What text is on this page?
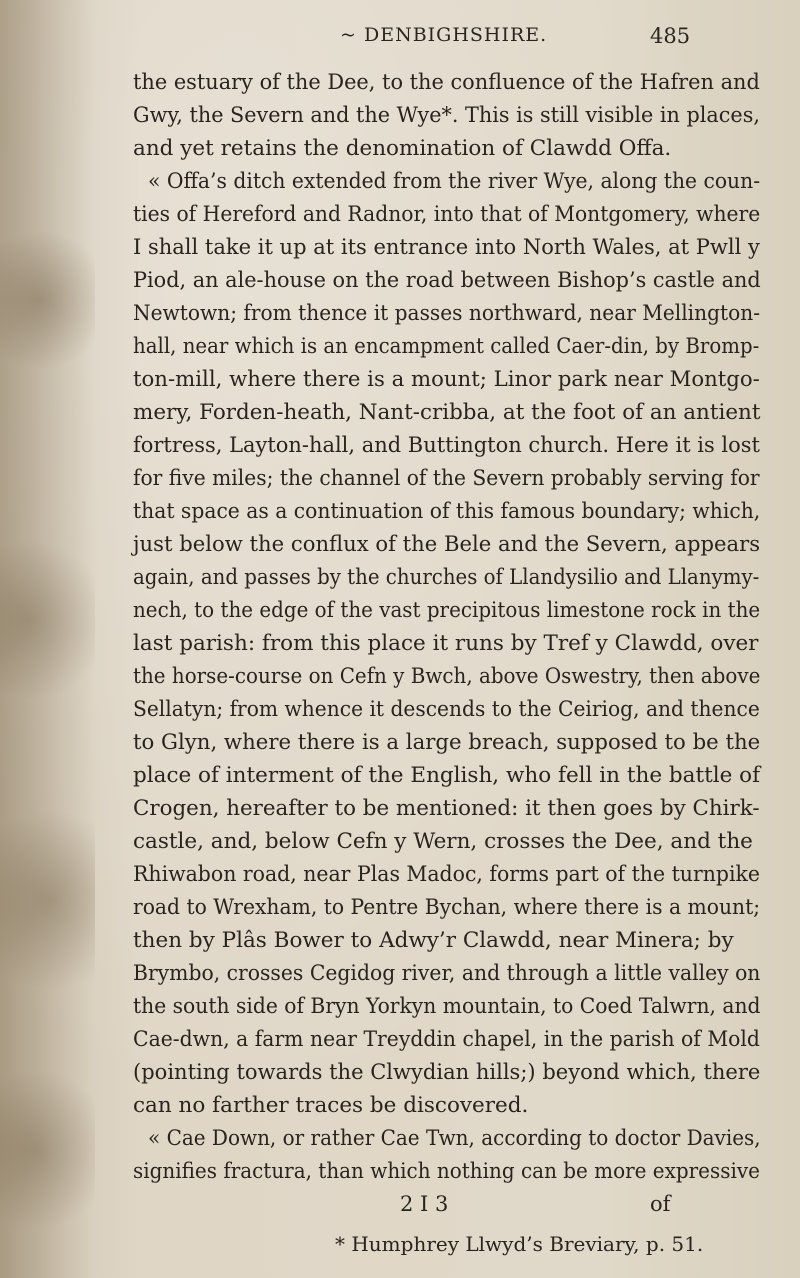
~ DENBIGHSHIRE.	485
the estuary of the Dee, to the confluence of the Hafren and
Gwy, the Severn and the Wye*. This is still visible in places,
and yet retains the denomination of Clawdd Offa.
« Offa’s ditch extended from the river Wye, along the coun-
ties of Hereford and Radnor, into that of Montgomery, where
I shall take it up at its entrance into North Wales, at Pwll y
Piod, an ale-house on the road between Bishop’s castle and
Newtown; from thence it passes northward, near Mellington-
hall, near which is an encampment called Caer-din, by Bromp-
ton-mill, where there is a mount; Linor park near Montgo-
mery, Forden-heath, Nant-cribba, at the foot of an antient
fortress, Layton-hall, and Buttington church. Here it is lost
for five miles; the channel of the Severn probably serving for
that space as a continuation of this famous boundary; which,
just below the conflux of the Bele and the Severn, appears
again, and passes by the churches of Llandysilio and Llanymy-
nech, to the edge of the vast precipitous limestone rock in the
last parish: from this place it runs by Tref y Clawdd, over
the horse-course on Cefn y Bwch, above Oswestry, then above
Sellatyn; from whence it descends to the Ceiriog, and thence
to Glyn, where there is a large breach, supposed to be the
place of interment of the English, who fell in the battle of
Crogen, hereafter to be mentioned: it then goes by Chirk-
castle, and, below Cefn y Wern, crosses the Dee, and the
Rhiwabon road, near Plas Madoc, forms part of the turnpike
road to Wrexham, to Pentre Bychan, where there is a mount;
then by Plâs Bower to Adwy’r Clawdd, near Minera; by
Brymbo, crosses Cegidog river, and through a little valley on
the south side of Bryn Yorkyn mountain, to Coed Talwrn, and
Cae-dwn, a farm near Treyddin chapel, in the parish of Mold
(pointing towards the Clwydian hills;) beyond which, there
can no farther traces be discovered.
« Cae Down, or rather Cae Twn, according to doctor Davies,
signifies fractura, than which nothing can be more expressive
2 I 3	of
* Humphrey Llwyd’s Breviary, p. 51.
